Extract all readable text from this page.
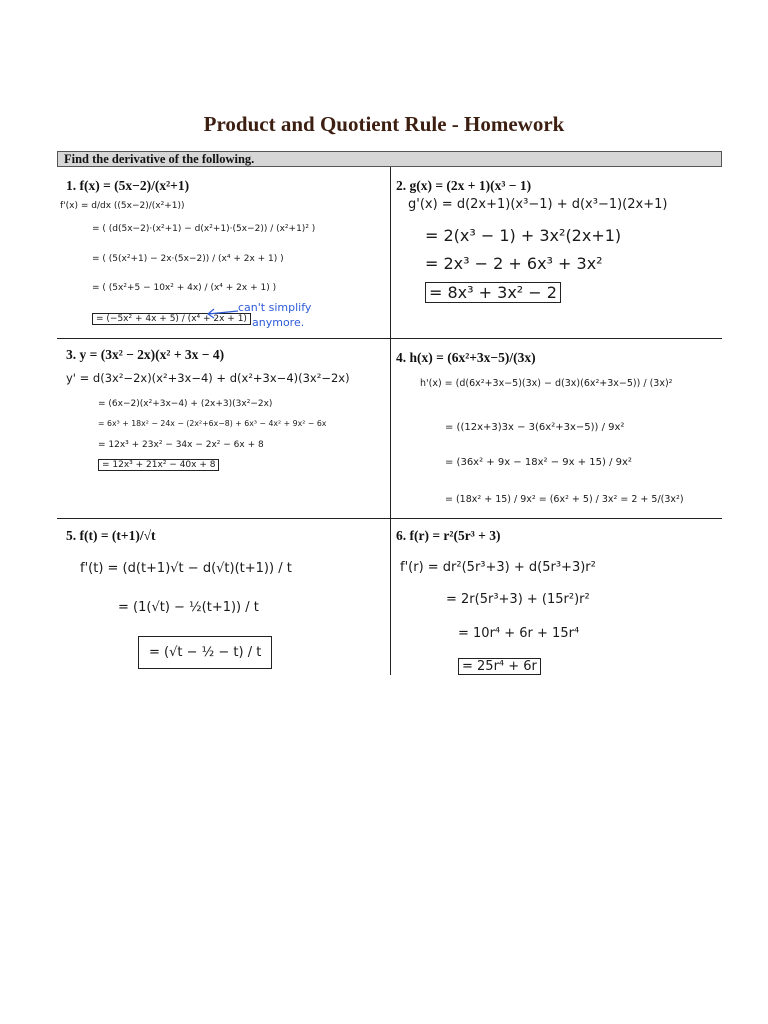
Product and Quotient Rule - Homework
Find the derivative of the following.
1. f(x) = (5x−2)/(x²+1)
f'(x) = d/dx ((5x−2)/(x²+1))
= ( (d(5x−2)·(x²+1) − d(x²+1)·(5x−2)) / (x²+1)² )
= ( (5(x²+1) − 2x·(5x−2)) / (x⁴ + 2x + 1) )
= ( (5x²+5 − 10x² + 4x) / (x⁴ + 2x + 1) )
= (−5x² + 4x + 5) / (x⁴ + 2x + 1)
can't simplify
anymore.
2. g(x) = (2x + 1)(x³ − 1)
g'(x) = d(2x+1)(x³−1) + d(x³−1)(2x+1)
= 2(x³ − 1) + 3x²(2x+1)
= 2x³ − 2 + 6x³ + 3x²
= 8x³ + 3x² − 2
3. y = (3x² − 2x)(x² + 3x − 4)
y' = d(3x²−2x)(x²+3x−4) + d(x²+3x−4)(3x²−2x)
= (6x−2)(x²+3x−4) + (2x+3)(3x²−2x)
= 6x³ + 18x² − 24x − (2x²+6x−8) + 6x³ − 4x² + 9x² − 6x
= 12x³ + 23x² − 34x − 2x² − 6x + 8
= 12x³ + 21x² − 40x + 8
4. h(x) = (6x²+3x−5)/(3x)
h'(x) = (d(6x²+3x−5)(3x) − d(3x)(6x²+3x−5)) / (3x)²
= ((12x+3)3x − 3(6x²+3x−5)) / 9x²
= (36x² + 9x − 18x² − 9x + 15) / 9x²
= (18x² + 15) / 9x² = (6x² + 5) / 3x² = 2 + 5/(3x²)
5. f(t) = (t+1)/√t
f'(t) = (d(t+1)√t − d(√t)(t+1)) / t
= (1(√t) − ½(t+1)) / t
= (√t − ½ − t) / t
6. f(r) = r²(5r³ + 3)
f'(r) = dr²(5r³+3) + d(5r³+3)r²
= 2r(5r³+3) + (15r²)r²
= 10r⁴ + 6r + 15r⁴
= 25r⁴ + 6r
